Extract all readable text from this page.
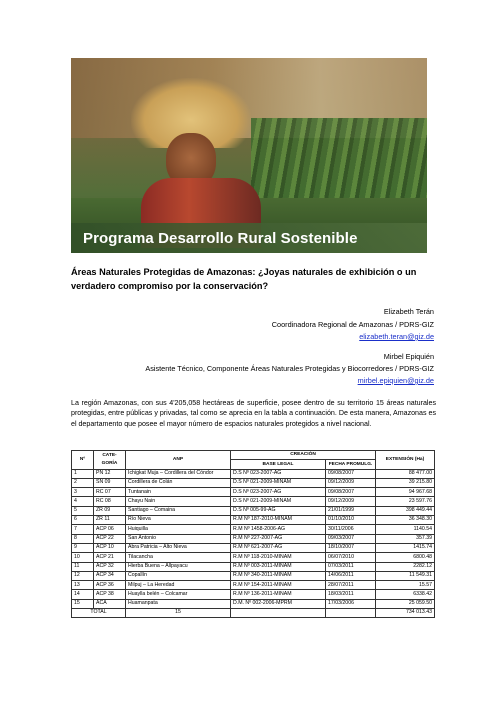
Programa Desarrollo Rural Sostenible
Áreas Naturales Protegidas de Amazonas: ¿Joyas naturales de exhibición o un verdadero compromiso por la conservación?
Elizabeth Terán
Coordinadora Regional de Amazonas / PDRS-GIZ
elizabeth.teran@giz.de
Mirbel Epiquién
Asistente Técnico, Componente Áreas Naturales Protegidas y Biocorredores / PDRS-GIZ
mirbel.epiquien@giz.de
La región Amazonas, con sus 4'205,058 hectáreas de superficie, posee dentro de su territorio 15 áreas naturales protegidas, entre públicas y privadas, tal como se aprecia en la tabla a continuación. De esta manera, Amazonas es el departamento que posee el mayor número de espacios naturales protegidos a nivel nacional.
Nº	CATE-GORÍA	ANP	CREACIÓN		EXTENSIÓN (Ha)
			BASE LEGAL	FECHA PROMULG.	
1	PN 12	Ichigkat Muja – Cordillera del Cóndor	D.S Nº 023-2007-AG	09/08/2007	88 477.00
2	SN 09	Cordillera de Colán	D.S Nº 021-2009-MINAM	09/12/2009	39 215.80
3	RC 07	Tuntanain	D.S Nº 023-2007-AG	09/08/2007	94 967.68
4	RC 08	Chayu Nain	D.S Nº 021-2009-MINAM	09/12/2009	23 597.76
5	ZR 09	Santiago – Comaina	D.S Nº 005-99-AG	21/01/1999	398 449.44
6	ZR 11	Río Nieva	R.M Nº 187-2010-MINAM	01/10/2010	36 348.30
7	ACP 06	Huiquilla	R.M Nº 1458-2006-AG	30/11/2006	1140.54
8	ACP 22	San Antonio	R.M Nº 227-2007-AG	09/03/2007	357.39
9	ACP 10	Abra Patricia – Alto Nieva	R.M Nº 621-2007-AG	18/10/2007	1415.74
10	ACP 21	Tilacancha	R.M Nº 118-2010-MINAM	06/07/2010	6800.48
11	ACP 32	Hierba Buena – Allpayacu	R.M Nº 003-2011-MINAM	07/03/2011	2282.12
12	ACP 34	Copallín	R.M Nº 340-2011-MINAM	14/06/2011	11 549.31
13	ACP 36	Milpuj – La Heredad	R.M Nº 154-2011-MINAM	28/07/2011	15.57
14	ACP 38	Huaylla belén – Colcamar	R.M Nº 136-2011-MINAM	18/03/2011	6338.42
15	ACA	Huamanpata	D.M. Nº 002-2006-MPRM	17/03/2006	25 059.50
TOTAL		15			734 013.43
